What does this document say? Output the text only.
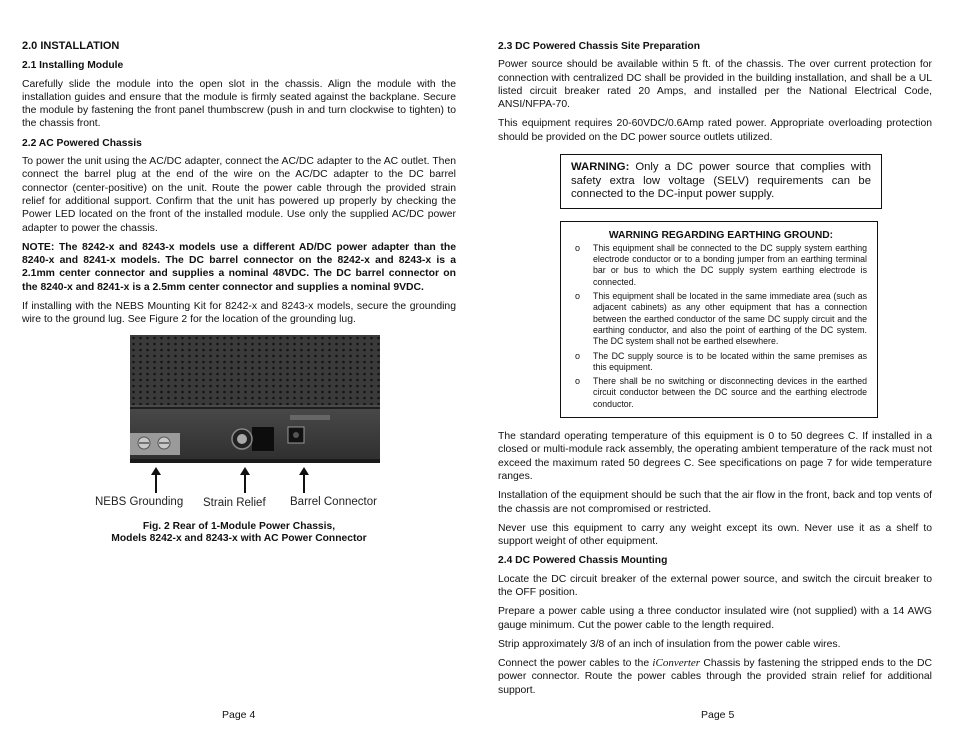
2.0 INSTALLATION
2.1 Installing Module

Carefully slide the module into the open slot in the chassis. Align the module with the installation guides and ensure that the module is firmly seated against the backplane. Secure the module by fastening the front panel thumbscrew (push in and turn clockwise to tighten) to the chassis front.

2.2 AC Powered Chassis

To power the unit using the AC/DC adapter, connect the AC/DC adapter to the AC outlet. Then connect the barrel plug at the end of the wire on the AC/DC adapter to the DC barrel connector (center-positive) on the unit. Route the power cable through the provided strain relief for additional support. Confirm that the unit has powered up properly by checking the Power LED located on the front of the installed module. Use only the supplied AC/DC power adapter to power the chassis.

NOTE: The 8242-x and 8243-x models use a different AD/DC power adapter than the 8240-x and 8241-x models. The DC barrel connector on the 8242-x and 8243-x is a 2.1mm center connector and supplies a nominal 48VDC. The DC barrel connector on the 8240-x and 8241-x is a 2.5mm center connector and supplies a nominal 9VDC.

If installing with the NEBS Mounting Kit for 8242-x and 8243-x models, secure the grounding wire to the ground lug. See Figure 2 for the location of the grounding lug.

NEBS Grounding Strain Relief Barrel Connector
Fig. 2 Rear of 1-Module Power Chassis,
Models 8242-x and 8243-x with AC Power Connector
Page 4
2.3 DC Powered Chassis Site Preparation

Power source should be available within 5 ft. of the chassis. The over current protection for connection with centralized DC shall be provided in the building installation, and shall be a UL listed circuit breaker rated 20 Amps, and installed per the National Electrical Code, ANSI/NFPA-70.

This equipment requires 20-60VDC/0.6Amp rated power. Appropriate overloading protection should be provided on the DC power source outlets utilized.

WARNING: Only a DC power source that complies with safety extra low voltage (SELV) requirements can be connected to the DC-input power supply.
WARNING REGARDING EARTHING GROUND:
o This equipment shall be connected to the DC supply system earthing electrode conductor or to a bonding jumper from an earthing terminal bar or bus to which the DC supply system earthing electrode is connected.
o This equipment shall be located in the same immediate area (such as adjacent cabinets) as any other equipment that has a connection between the earthed conductor of the same DC supply circuit and the earthing conductor, and also the point of earthing of the DC system. The DC system shall not be earthed elsewhere.
o The DC supply source is to be located within the same premises as this equipment.
o There shall be no switching or disconnecting devices in the earthed circuit conductor between the DC source and the earthing electrode conductor.

The standard operating temperature of this equipment is 0 to 50 degrees C. If installed in a closed or multi-module rack assembly, the operating ambient temperature of the rack must not exceed the maximum rated 50 degrees C. See specifications on page 7 for wide temperature ranges.

Installation of the equipment should be such that the air flow in the front, back and top vents of the chassis are not compromised or restricted.

Never use this equipment to carry any weight except its own. Never use it as a shelf to support weight of other equipment.

2.4 DC Powered Chassis Mounting

Locate the DC circuit breaker of the external power source, and switch the circuit breaker to the OFF position.

Prepare a power cable using a three conductor insulated wire (not supplied) with a 14 AWG gauge minimum. Cut the power cable to the length required.

Strip approximately 3/8 of an inch of insulation from the power cable wires.

Connect the power cables to the iConverter Chassis by fastening the stripped ends to the DC power connector. Route the power cables through the provided strain relief for additional support.

Page 5
